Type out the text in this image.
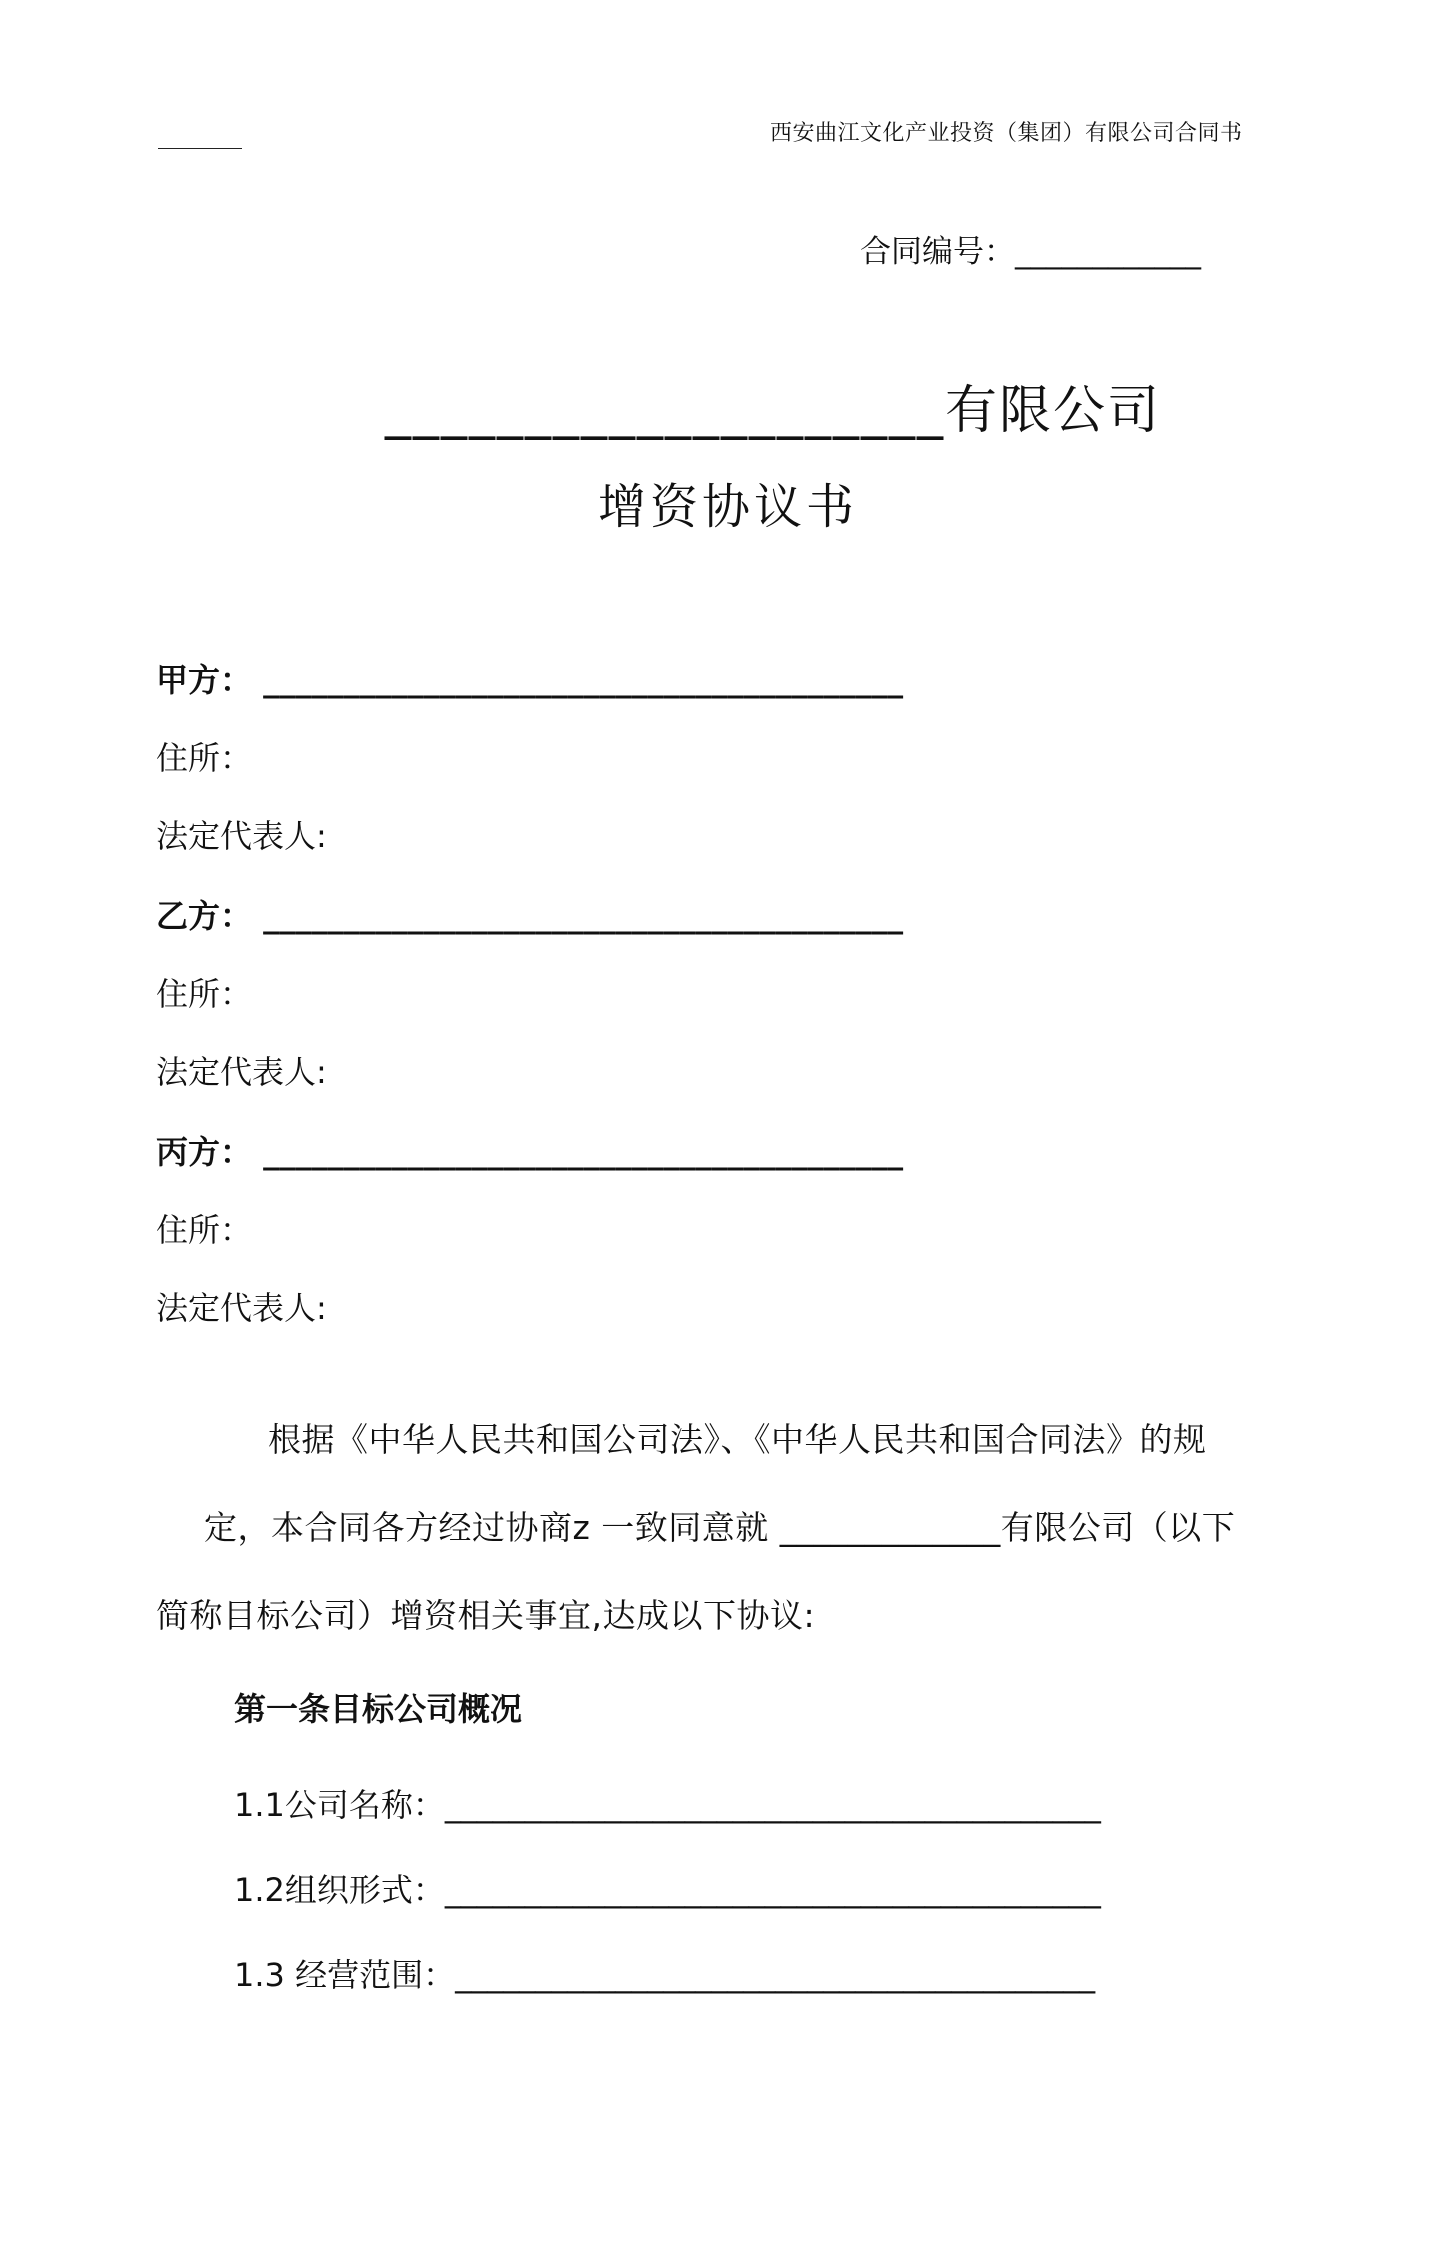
西安曲江文化产业投资（集团）有限公司合同书
合同编号：____________
____________________有限公司
增资协议书
甲方： ________________________________________
住所：
法定代表人:
乙方： ________________________________________
住所：
法定代表人:
丙方： ________________________________________
住所：
法定代表人:
根据《中华人民共和国公司法》、《中华人民共和国合同法》的规
定，本合同各方经过协商z 一致同意就 _____________有限公司（以下
简称目标公司）增资相关事宜,达成以下协议:
第一条目标公司概况
1.1公司名称：_________________________________________
1.2组织形式：_________________________________________
1.3 经营范围：________________________________________
